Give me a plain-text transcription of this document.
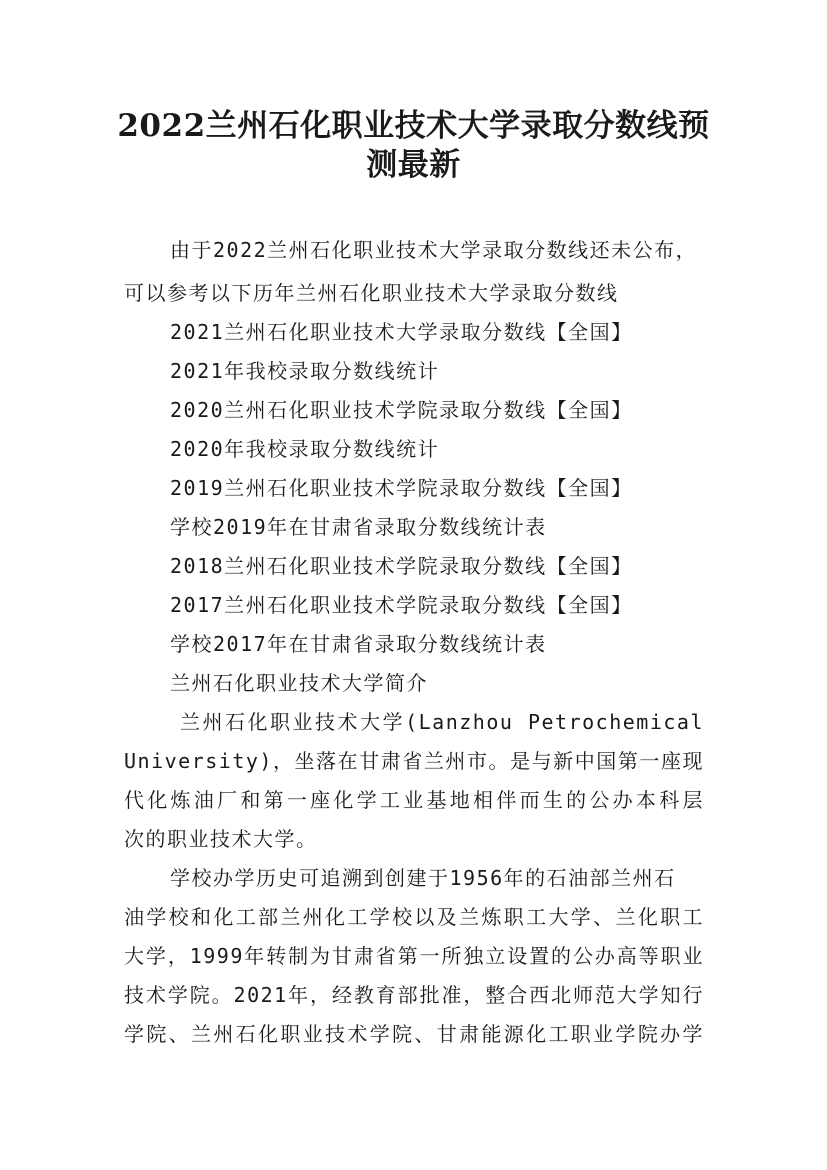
2022兰州石化职业技术大学录取分数线预
测最新
由于2022兰州石化职业技术大学录取分数线还未公布，
可以参考以下历年兰州石化职业技术大学录取分数线
2021兰州石化职业技术大学录取分数线【全国】
2021年我校录取分数线统计
2020兰州石化职业技术学院录取分数线【全国】
2020年我校录取分数线统计
2019兰州石化职业技术学院录取分数线【全国】
学校2019年在甘肃省录取分数线统计表
2018兰州石化职业技术学院录取分数线【全国】
2017兰州石化职业技术学院录取分数线【全国】
学校2017年在甘肃省录取分数线统计表
兰州石化职业技术大学简介
兰州石化职业技术大学(Lanzhou Petrochemical
University)，坐落在甘肃省兰州市。是与新中国第一座现
代化炼油厂和第一座化学工业基地相伴而生的公办本科层
次的职业技术大学。
学校办学历史可追溯到创建于1956年的石油部兰州石
油学校和化工部兰州化工学校以及兰炼职工大学、兰化职工
大学，1999年转制为甘肃省第一所独立设置的公办高等职业
技术学院。2021年，经教育部批准，整合西北师范大学知行
学院、兰州石化职业技术学院、甘肃能源化工职业学院办学
